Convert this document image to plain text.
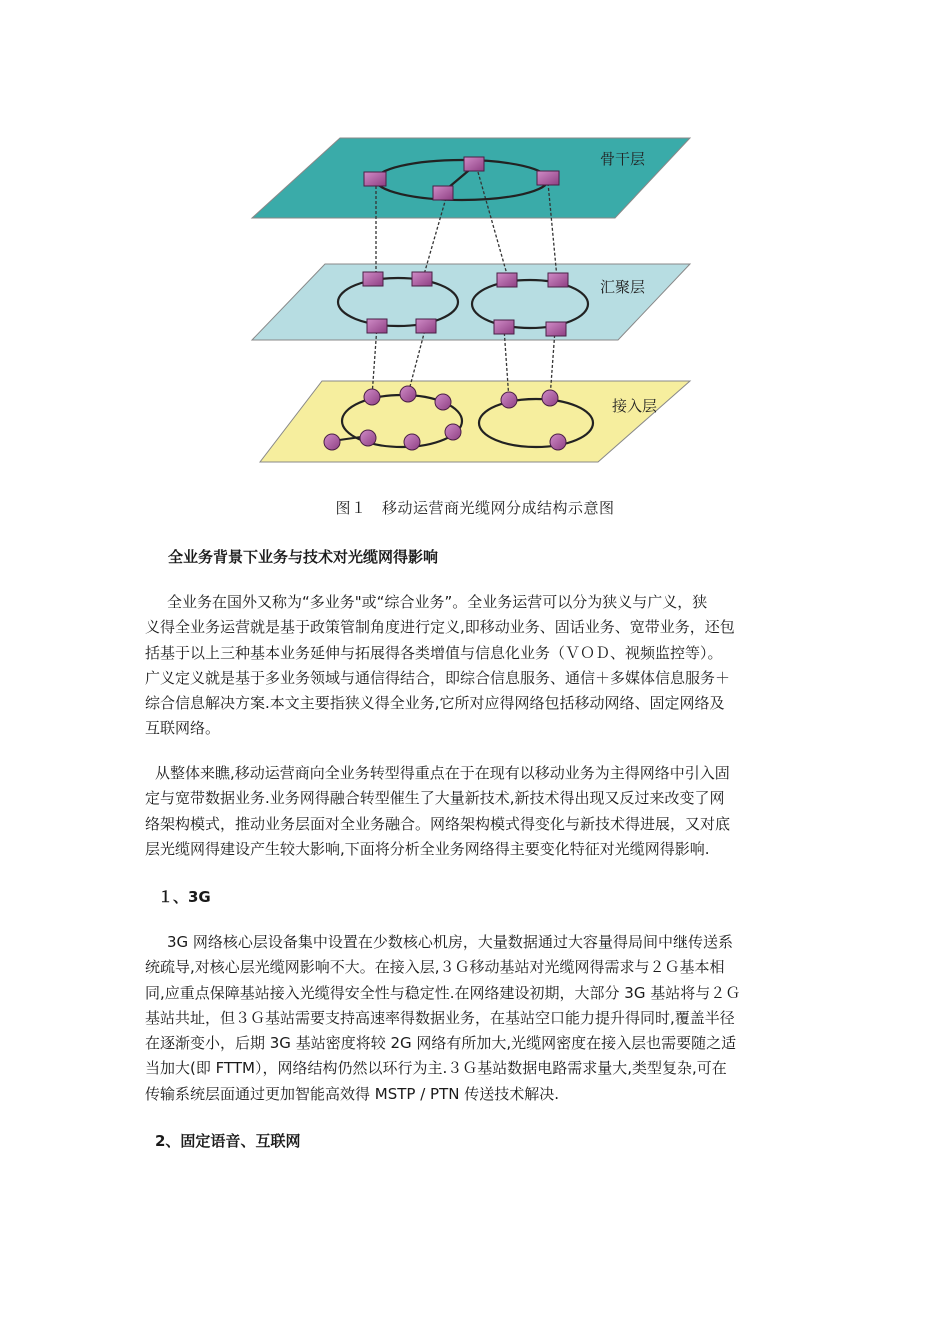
骨干层
汇聚层
接入层
图１　移动运营商光缆网分成结构示意图
全业务背景下业务与技术对光缆网得影响

全业务在国外又称为“多业务"或“综合业务”。全业务运营可以分为狭义与广义，狭
义得全业务运营就是基于政策管制角度进行定义,即移动业务、固话业务、宽带业务，还包
括基于以上三种基本业务延伸与拓展得各类增值与信息化业务（ＶＯＤ、视频监控等）。
广义定义就是基于多业务领域与通信得结合，即综合信息服务、通信＋多媒体信息服务＋
综合信息解决方案.本文主要指狭义得全业务,它所对应得网络包括移动网络、固定网络及
互联网络。

从整体来瞧,移动运营商向全业务转型得重点在于在现有以移动业务为主得网络中引入固
定与宽带数据业务.业务网得融合转型催生了大量新技术,新技术得出现又反过来改变了网
络架构模式，推动业务层面对全业务融合。网络架构模式得变化与新技术得进展，又对底
层光缆网得建设产生较大影响,下面将分析全业务网络得主要变化特征对光缆网得影响.

１、3G

3G 网络核心层设备集中设置在少数核心机房，大量数据通过大容量得局间中继传送系
统疏导,对核心层光缆网影响不大。在接入层,３Ｇ移动基站对光缆网得需求与２Ｇ基本相
同,应重点保障基站接入光缆得安全性与稳定性.在网络建设初期，大部分 3G 基站将与２Ｇ
基站共址，但３Ｇ基站需要支持高速率得数据业务，在基站空口能力提升得同时,覆盖半径
在逐渐变小，后期 3G 基站密度将较 2G 网络有所加大,光缆网密度在接入层也需要随之适
当加大(即 FTTM），网络结构仍然以环行为主.３Ｇ基站数据电路需求量大,类型复杂,可在
传输系统层面通过更加智能高效得 MSTP / PTN 传送技术解决.

2、固定语音、互联网
